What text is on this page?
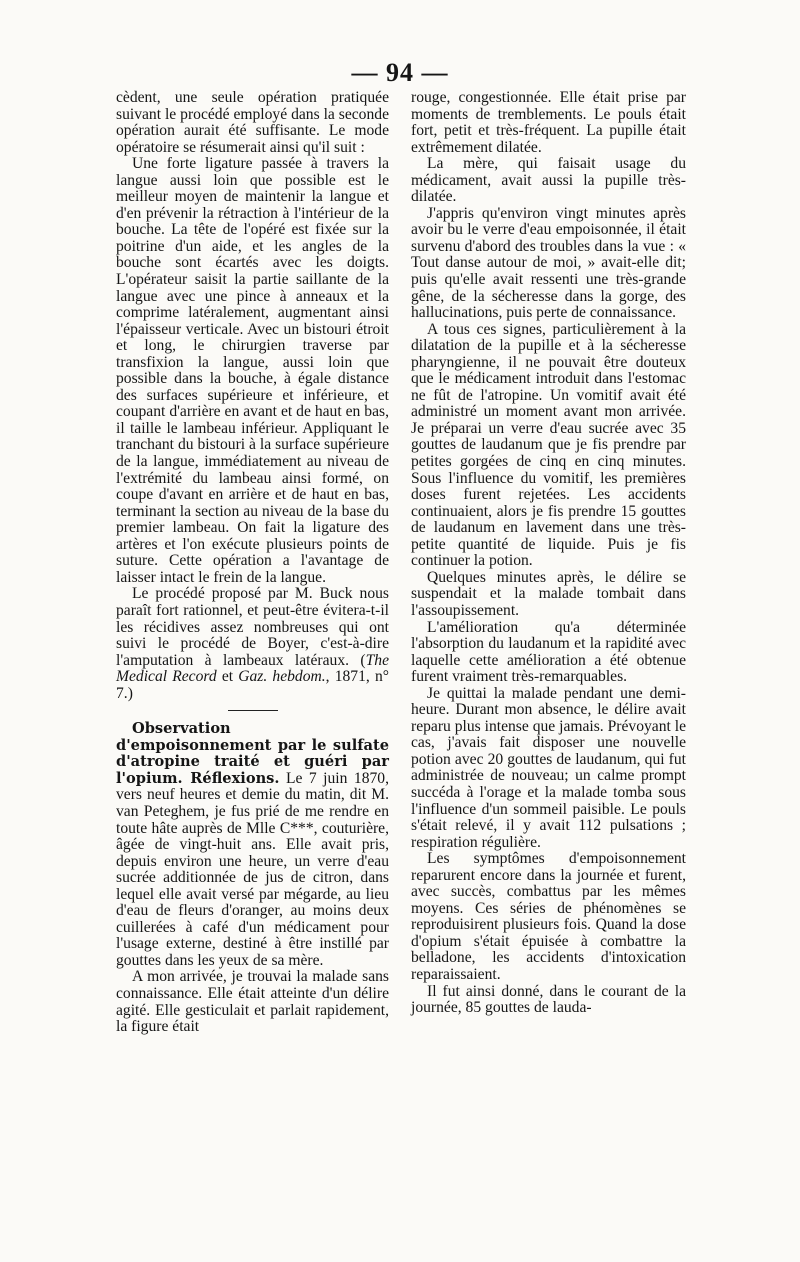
— 94 —

cèdent, une seule opération pratiquée suivant le procédé employé dans la seconde opération aurait été suffisante. Le mode opératoire se résumerait ainsi qu'il suit :

Une forte ligature passée à travers la langue aussi loin que possible est le meilleur moyen de maintenir la langue et d'en prévenir la rétraction à l'intérieur de la bouche. La tête de l'opéré est fixée sur la poitrine d'un aide, et les angles de la bouche sont écartés avec les doigts. L'opérateur saisit la partie saillante de la langue avec une pince à anneaux et la comprime latéralement, augmentant ainsi l'épaisseur verticale. Avec un bistouri étroit et long, le chirurgien traverse par transfixion la langue, aussi loin que possible dans la bouche, à égale distance des surfaces supérieure et inférieure, et coupant d'arrière en avant et de haut en bas, il taille le lambeau inférieur. Appliquant le tranchant du bistouri à la surface supérieure de la langue, immédiatement au niveau de l'extrémité du lambeau ainsi formé, on coupe d'avant en arrière et de haut en bas, terminant la section au niveau de la base du premier lambeau. On fait la ligature des artères et l'on exécute plusieurs points de suture. Cette opération a l'avantage de laisser intact le frein de la langue.

Le procédé proposé par M. Buck nous paraît fort rationnel, et peut-être évitera-t-il les récidives assez nombreuses qui ont suivi le procédé de Boyer, c'est-à-dire l'amputation à lambeaux latéraux. (The Medical Record et Gaz. hebdom., 1871, n° 7.)

Observation d'empoisonnement par le sulfate d'atropine traité et guéri par l'opium. Réflexions. Le 7 juin 1870, vers neuf heures et demie du matin, dit M. van Peteghem, je fus prié de me rendre en toute hâte auprès de Mlle C***, couturière, âgée de vingt-huit ans. Elle avait pris, depuis environ une heure, un verre d'eau sucrée additionnée de jus de citron, dans lequel elle avait versé par mégarde, au lieu d'eau de fleurs d'oranger, au moins deux cuillerées à café d'un médicament pour l'usage externe, destiné à être instillé par gouttes dans les yeux de sa mère.

A mon arrivée, je trouvai la malade sans connaissance. Elle était atteinte d'un délire agité. Elle gesticulait et parlait rapidement, la figure était

rouge, congestionnée. Elle était prise par moments de tremblements. Le pouls était fort, petit et très-fréquent. La pupille était extrêmement dilatée.

La mère, qui faisait usage du médicament, avait aussi la pupille très-dilatée.

J'appris qu'environ vingt minutes après avoir bu le verre d'eau empoisonnée, il était survenu d'abord des troubles dans la vue : « Tout danse autour de moi, » avait-elle dit; puis qu'elle avait ressenti une très-grande gêne, de la sécheresse dans la gorge, des hallucinations, puis perte de connaissance.

A tous ces signes, particulièrement à la dilatation de la pupille et à la sécheresse pharyngienne, il ne pouvait être douteux que le médicament introduit dans l'estomac ne fût de l'atropine. Un vomitif avait été administré un moment avant mon arrivée. Je préparai un verre d'eau sucrée avec 35 gouttes de laudanum que je fis prendre par petites gorgées de cinq en cinq minutes. Sous l'influence du vomitif, les premières doses furent rejetées. Les accidents continuaient, alors je fis prendre 15 gouttes de laudanum en lavement dans une très-petite quantité de liquide. Puis je fis continuer la potion.

Quelques minutes après, le délire se suspendait et la malade tombait dans l'assoupissement.

L'amélioration qu'a déterminée l'absorption du laudanum et la rapidité avec laquelle cette amélioration a été obtenue furent vraiment très-remarquables.

Je quittai la malade pendant une demi-heure. Durant mon absence, le délire avait reparu plus intense que jamais. Prévoyant le cas, j'avais fait disposer une nouvelle potion avec 20 gouttes de laudanum, qui fut administrée de nouveau; un calme prompt succéda à l'orage et la malade tomba sous l'influence d'un sommeil paisible. Le pouls s'était relevé, il y avait 112 pulsations ; respiration régulière.

Les symptômes d'empoisonnement reparurent encore dans la journée et furent, avec succès, combattus par les mêmes moyens. Ces séries de phénomènes se reproduisirent plusieurs fois. Quand la dose d'opium s'était épuisée à combattre la belladone, les accidents d'intoxication reparaissaient.

Il fut ainsi donné, dans le courant de la journée, 85 gouttes de lauda-
